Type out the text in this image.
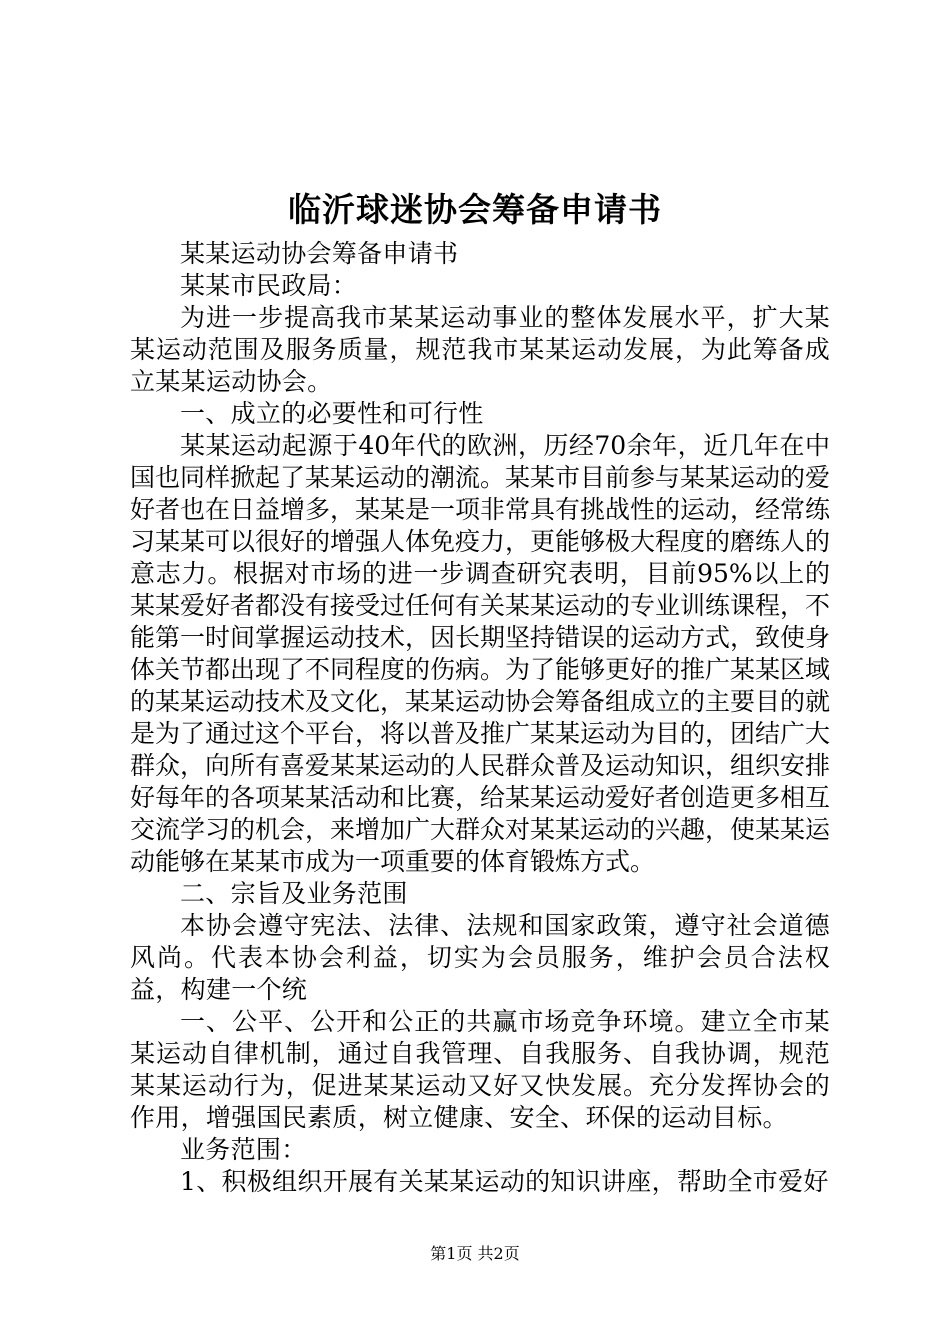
临沂球迷协会筹备申请书

某某运动协会筹备申请书

某某市民政局：

为进一步提高我市某某运动事业的整体发展水平，扩大某某运动范围及服务质量，规范我市某某运动发展，为此筹备成立某某运动协会。

一、成立的必要性和可行性

某某运动起源于40年代的欧洲，历经70余年，近几年在中国也同样掀起了某某运动的潮流。某某市目前参与某某运动的爱好者也在日益增多，某某是一项非常具有挑战性的运动，经常练习某某可以很好的增强人体免疫力，更能够极大程度的磨练人的意志力。根据对市场的进一步调查研究表明，目前95%以上的某某爱好者都没有接受过任何有关某某运动的专业训练课程，不能第一时间掌握运动技术，因长期坚持错误的运动方式，致使身体关节都出现了不同程度的伤病。为了能够更好的推广某某区域的某某运动技术及文化，某某运动协会筹备组成立的主要目的就是为了通过这个平台，将以普及推广某某运动为目的，团结广大群众，向所有喜爱某某运动的人民群众普及运动知识，组织安排好每年的各项某某活动和比赛，给某某运动爱好者创造更多相互交流学习的机会，来增加广大群众对某某运动的兴趣，使某某运动能够在某某市成为一项重要的体育锻炼方式。

二、宗旨及业务范围

本协会遵守宪法、法律、法规和国家政策，遵守社会道德风尚。代表本协会利益，切实为会员服务，维护会员合法权益，构建一个统

一、公平、公开和公正的共赢市场竞争环境。建立全市某某运动自律机制，通过自我管理、自我服务、自我协调，规范某某运动行为，促进某某运动又好又快发展。充分发挥协会的作用，增强国民素质，树立健康、安全、环保的运动目标。

业务范围：

1、积极组织开展有关某某运动的知识讲座，帮助全市爱好

第1页 共2页
